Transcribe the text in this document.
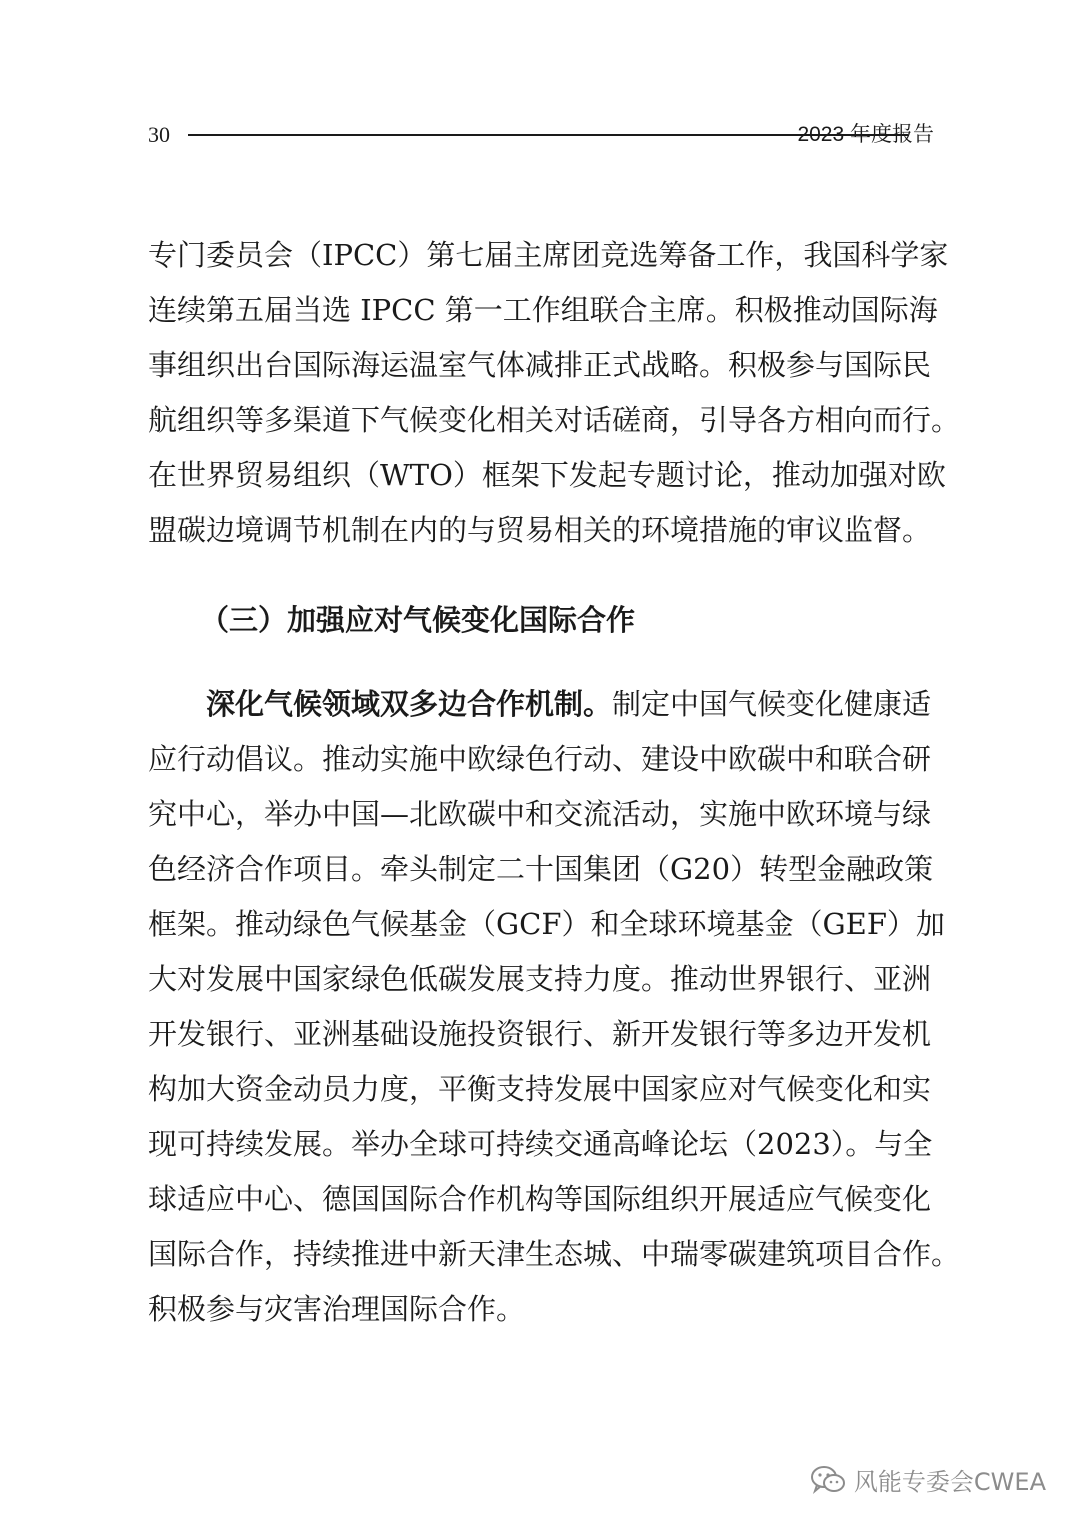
30	2023 年度报告
专门委员会（IPCC）第七届主席团竞选筹备工作，我国科学家
连续第五届当选 IPCC 第一工作组联合主席。积极推动国际海
事组织出台国际海运温室气体减排正式战略。积极参与国际民
航组织等多渠道下气候变化相关对话磋商，引导各方相向而行。
在世界贸易组织（WTO）框架下发起专题讨论，推动加强对欧
盟碳边境调节机制在内的与贸易相关的环境措施的审议监督。
（三）加强应对气候变化国际合作
深化气候领域双多边合作机制。制定中国气候变化健康适
应行动倡议。推动实施中欧绿色行动、建设中欧碳中和联合研
究中心，举办中国—北欧碳中和交流活动，实施中欧环境与绿
色经济合作项目。牵头制定二十国集团（G20）转型金融政策
框架。推动绿色气候基金（GCF）和全球环境基金（GEF）加
大对发展中国家绿色低碳发展支持力度。推动世界银行、亚洲
开发银行、亚洲基础设施投资银行、新开发银行等多边开发机
构加大资金动员力度，平衡支持发展中国家应对气候变化和实
现可持续发展。举办全球可持续交通高峰论坛（2023）。与全
球适应中心、德国国际合作机构等国际组织开展适应气候变化
国际合作，持续推进中新天津生态城、中瑞零碳建筑项目合作。
积极参与灾害治理国际合作。
风能专委会CWEA
